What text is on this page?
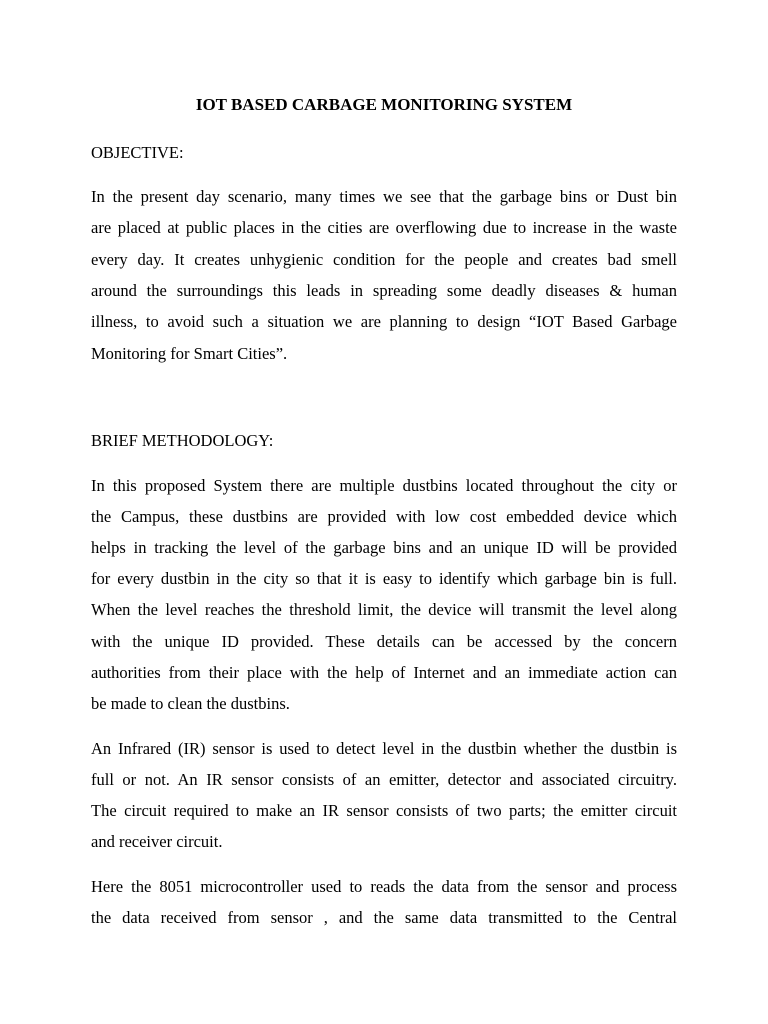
IOT BASED CARBAGE MONITORING SYSTEM
OBJECTIVE:
In the present day scenario, many times we see that the garbage bins or Dust bin
are placed at public places in the cities are overflowing due to increase in the waste
every day. It creates unhygienic condition for the people and creates bad smell
around the surroundings this leads in spreading some deadly diseases & human
illness, to avoid such a situation we are planning to design “IOT Based Garbage
Monitoring for Smart Cities”.
BRIEF METHODOLOGY:
In this proposed System there are multiple dustbins located throughout the city or
the Campus, these dustbins are provided with low cost embedded device which
helps in tracking the level of the garbage bins and an unique ID will be provided
for every dustbin in the city so that it is easy to identify which garbage bin is full.
When the level reaches the threshold limit, the device will transmit the level along
with the unique ID provided. These details can be accessed by the concern
authorities from their place with the help of Internet and an immediate action can
be made to clean the dustbins.
An Infrared (IR) sensor is used to detect level in the dustbin whether the dustbin is
full or not. An IR sensor consists of an emitter, detector and associated circuitry.
The circuit required to make an IR sensor consists of two parts; the emitter circuit
and receiver circuit.
Here the 8051 microcontroller used to reads the data from the sensor and process
the data received from sensor , and the same data transmitted to the Central
